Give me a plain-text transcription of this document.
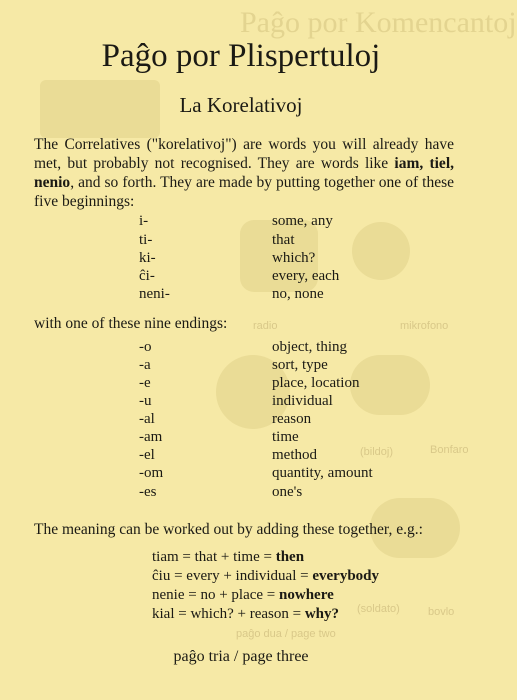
Paĝo por Komencantoj
radio	mikrofono
Bonfaro
(bildoj)
(soldato)	bovlo
paĝo dua / page two
Paĝo por Plispertuloj
La Korelativoj

The Correlatives ("korelativoj") are words you will already have met, but probably not recognised. They are words like iam, tiel, nenio, and so forth. They are made by putting together one of these five beginnings:

i-	some, any
ti-	that
ki-	which?
ĉi-	every, each
neni-	no, none

with one of these nine endings:

-o	object, thing
-a	sort, type
-e	place, location
-u	individual
-al	reason
-am	time
-el	method
-om	quantity, amount
-es	one's

The meaning can be worked out by adding these together, e.g.:

tiam = that + time = then
ĉiu = every + individual = everybody
nenie = no + place = nowhere
kial = which? + reason = why?
paĝo tria / page three
